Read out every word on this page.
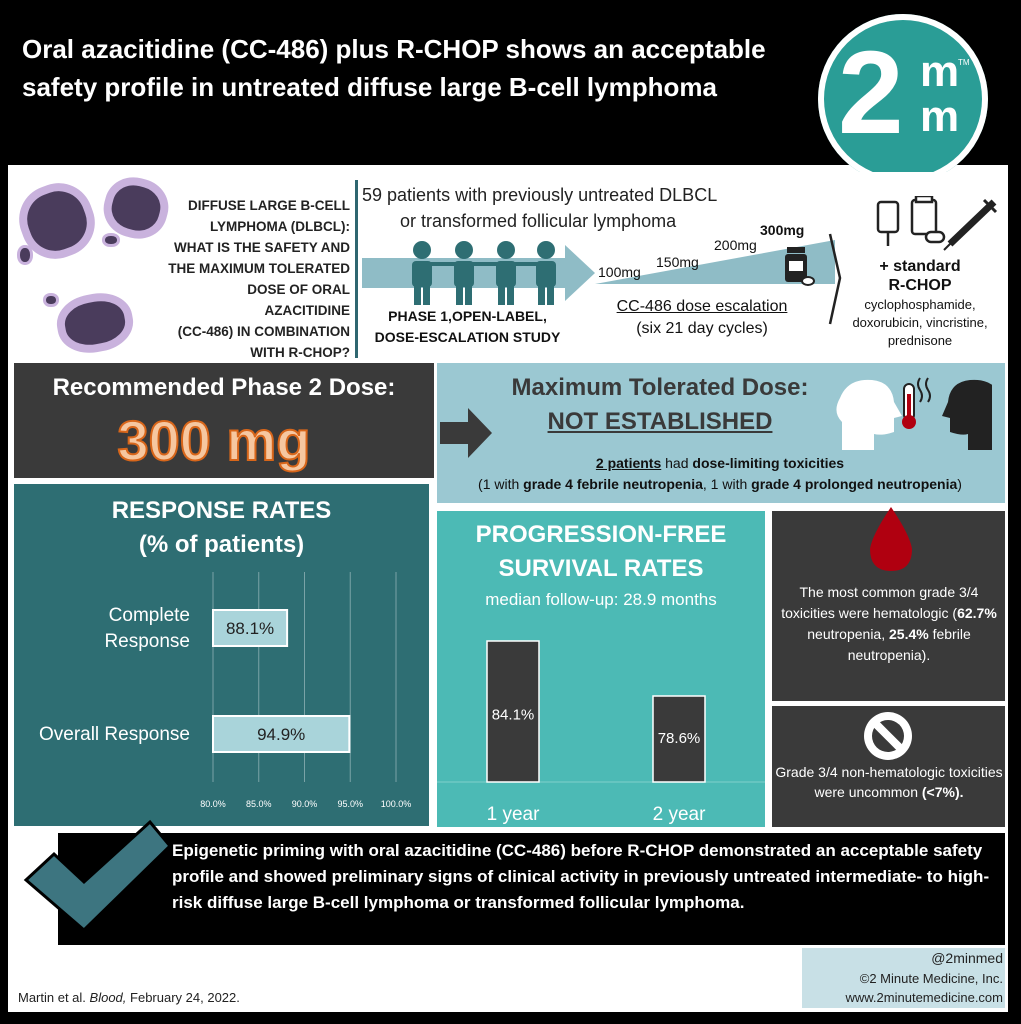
Oral azacitidine (CC-486) plus R-CHOP shows an acceptable safety profile in untreated diffuse large B-cell lymphoma	2 m
m
TM
DIFFUSE LARGE B-CELL
LYMPHOMA (DLBCL):
WHAT IS THE SAFETY AND
THE MAXIMUM TOLERATED
DOSE OF ORAL AZACITIDINE
(CC-486) IN COMBINATION
WITH R-CHOP?
59 patients with previously untreated DLBCL
or transformed follicular lymphoma
PHASE 1,OPEN-LABEL,
DOSE-ESCALATION STUDY
100mg
150mg
200mg
300mg
CC-486 dose escalation
(six 21 day cycles)
+ standard
R-CHOP
cyclophosphamide,
doxorubicin, vincristine,
prednisone
Recommended Phase 2 Dose:
300 mg
Maximum Tolerated Dose:
NOT ESTABLISHED
2 patients had dose-limiting toxicities
(1 with grade 4 febrile neutropenia, 1 with grade 4 prolonged neutropenia)
RESPONSE RATES
(% of patients)
80.0% 85.0% 90.0% 95.0% 100.0%
88.1%
Complete
Response
94.9%
Overall Response
PROGRESSION-FREE
SURVIVAL RATES
median follow-up: 28.9 months
84.1%
1 year
78.6%
2 year
The most common grade 3/4 toxicities were hematologic (62.7% neutropenia, 25.4% febrile neutropenia).
Grade 3/4 non-hematologic toxicities were uncommon (<7%).
Epigenetic priming with oral azacitidine (CC-486) before R-CHOP demonstrated an acceptable safety profile and showed preliminary signs of clinical activity in previously untreated intermediate- to high-risk diffuse large B-cell lymphoma or transformed follicular lymphoma.
@2minmed
©2 Minute Medicine, Inc.
www.2minutemedicine.com
Martin et al. Blood, February 24, 2022.
